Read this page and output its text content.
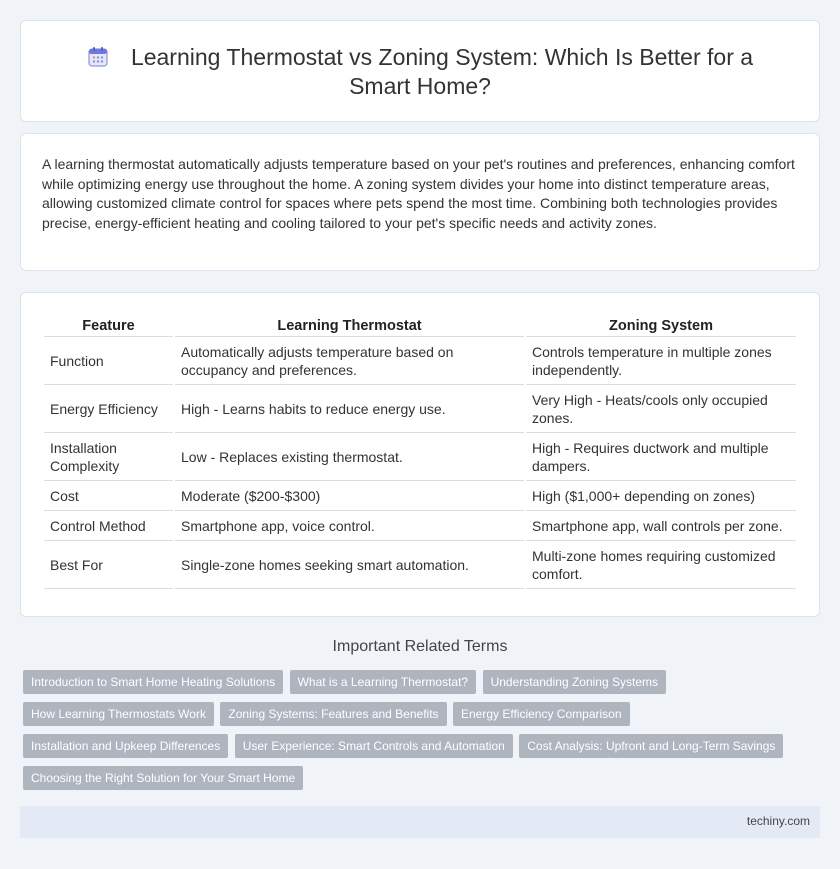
Learning Thermostat vs Zoning System: Which Is Better for a Smart Home?

A learning thermostat automatically adjusts temperature based on your pet's routines and preferences, enhancing comfort while optimizing energy use throughout the home. A zoning system divides your home into distinct temperature areas, allowing customized climate control for spaces where pets spend the most time. Combining both technologies provides precise, energy-efficient heating and cooling tailored to your pet's specific needs and activity zones.

Feature	Learning Thermostat	Zoning System
Function	Automatically adjusts temperature based on occupancy and preferences.	Controls temperature in multiple zones independently.
Energy Efficiency	High - Learns habits to reduce energy use.	Very High - Heats/cools only occupied zones.
Installation Complexity	Low - Replaces existing thermostat.	High - Requires ductwork and multiple dampers.
Cost	Moderate ($200-$300)	High ($1,000+ depending on zones)
Control Method	Smartphone app, voice control.	Smartphone app, wall controls per zone.
Best For	Single-zone homes seeking smart automation.	Multi-zone homes requiring customized comfort.
Important Related Terms
Introduction to Smart Home Heating Solutions What is a Learning Thermostat? Understanding Zoning Systems
How Learning Thermostats Work Zoning Systems: Features and Benefits Energy Efficiency Comparison
Installation and Upkeep Differences User Experience: Smart Controls and Automation Cost Analysis: Upfront and Long-Term Savings
Choosing the Right Solution for Your Smart Home
techiny.com
